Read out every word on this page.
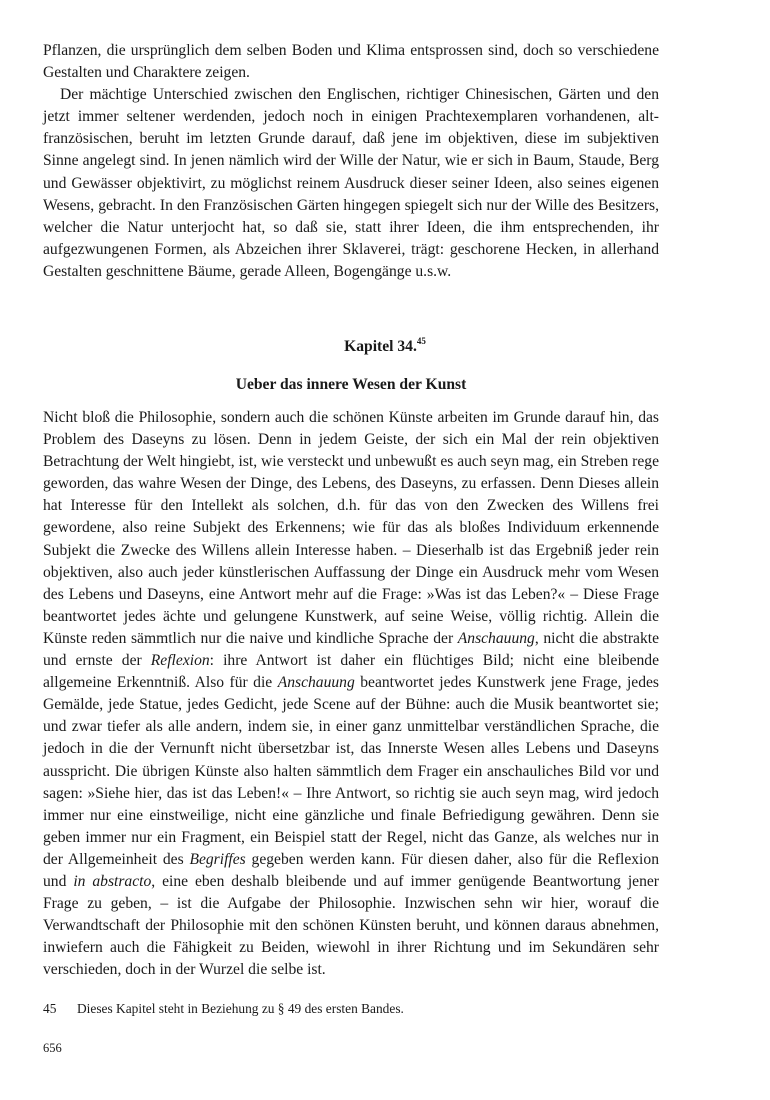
Pflanzen, die ursprünglich dem selben Boden und Klima entsprossen sind, doch so verschiedene Gestalten und Charaktere zeigen.

Der mächtige Unterschied zwischen den Englischen, richtiger Chinesischen, Gärten und den jetzt immer seltener werdenden, jedoch noch in einigen Prachtexemplaren vorhandenen, alt-französischen, beruht im letzten Grunde darauf, daß jene im objektiven, diese im subjektiven Sinne angelegt sind. In jenen nämlich wird der Wille der Natur, wie er sich in Baum, Staude, Berg und Gewässer objektivirt, zu möglichst reinem Ausdruck dieser seiner Ideen, also seines eigenen Wesens, gebracht. In den Französischen Gärten hingegen spiegelt sich nur der Wille des Besitzers, welcher die Natur unterjocht hat, so daß sie, statt ihrer Ideen, die ihm entsprechenden, ihr aufgezwungenen Formen, als Abzeichen ihrer Sklaverei, trägt: geschorene Hecken, in allerhand Gestalten geschnittene Bäume, gerade Alleen, Bogengänge u.s.w.

Kapitel 34.45
Ueber das innere Wesen der Kunst

Nicht bloß die Philosophie, sondern auch die schönen Künste arbeiten im Grunde darauf hin, das Problem des Daseyns zu lösen. Denn in jedem Geiste, der sich ein Mal der rein objektiven Betrachtung der Welt hingiebt, ist, wie versteckt und unbewußt es auch seyn mag, ein Streben rege geworden, das wahre Wesen der Dinge, des Lebens, des Daseyns, zu erfassen. Denn Dieses allein hat Interesse für den Intellekt als solchen, d.h. für das von den Zwecken des Willens frei gewordene, also reine Subjekt des Erkennens; wie für das als bloßes Individuum erkennende Subjekt die Zwecke des Willens allein Interesse haben. – Dieserhalb ist das Ergebniß jeder rein objektiven, also auch jeder künstlerischen Auffassung der Dinge ein Ausdruck mehr vom Wesen des Lebens und Daseyns, eine Antwort mehr auf die Frage: »Was ist das Leben?« – Diese Frage beantwortet jedes ächte und gelungene Kunstwerk, auf seine Weise, völlig richtig. Allein die Künste reden sämmtlich nur die naive und kindliche Sprache der Anschauung, nicht die abstrakte und ernste der Reflexion: ihre Antwort ist daher ein flüchtiges Bild; nicht eine bleibende allgemeine Erkenntniß. Also für die Anschauung beantwortet jedes Kunstwerk jene Frage, jedes Gemälde, jede Statue, jedes Gedicht, jede Scene auf der Bühne: auch die Musik beantwortet sie; und zwar tiefer als alle andern, indem sie, in einer ganz unmittelbar verständlichen Sprache, die jedoch in die der Vernunft nicht übersetzbar ist, das Innerste Wesen alles Lebens und Daseyns ausspricht. Die übrigen Künste also halten sämmtlich dem Frager ein anschauliches Bild vor und sagen: »Siehe hier, das ist das Leben!« – Ihre Antwort, so richtig sie auch seyn mag, wird jedoch immer nur eine einstweilige, nicht eine gänzliche und finale Befriedigung gewähren. Denn sie geben immer nur ein Fragment, ein Beispiel statt der Regel, nicht das Ganze, als welches nur in der Allgemeinheit des Begriffes gegeben werden kann. Für diesen daher, also für die Reflexion und in abstracto, eine eben deshalb bleibende und auf immer genügende Beantwortung jener Frage zu geben, – ist die Aufgabe der Philosophie. Inzwischen sehn wir hier, worauf die Verwandtschaft der Philosophie mit den schönen Künsten beruht, und können daraus abnehmen, inwiefern auch die Fähigkeit zu Beiden, wiewohl in ihrer Richtung und im Sekundären sehr verschieden, doch in der Wurzel die selbe ist.

45 Dieses Kapitel steht in Beziehung zu § 49 des ersten Bandes.
656
